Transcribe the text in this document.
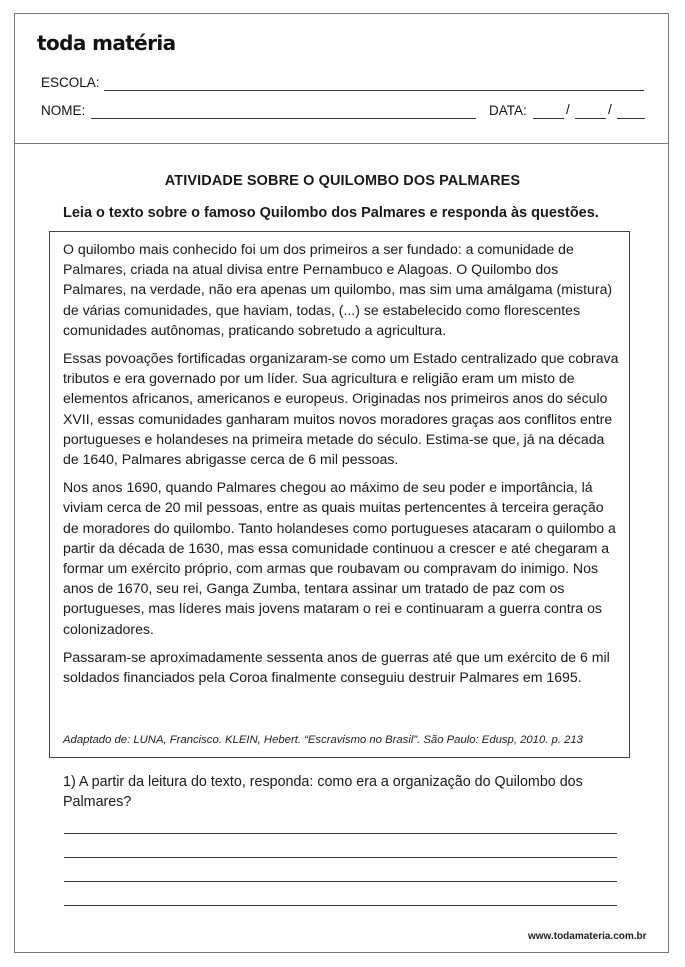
toda matéria
ESCOLA:
NOME:	DATA:	/	/
ATIVIDADE SOBRE O QUILOMBO DOS PALMARES
Leia o texto sobre o famoso Quilombo dos Palmares e responda às questões.

O quilombo mais conhecido foi um dos primeiros a ser fundado: a comunidade de Palmares, criada na atual divisa entre Pernambuco e Alagoas. O Quilombo dos Palmares, na verdade, não era apenas um quilombo, mas sim uma amálgama (mistura) de várias comunidades, que haviam, todas, (...) se estabelecido como florescentes comunidades autônomas, praticando sobretudo a agricultura.

Essas povoações fortificadas organizaram-se como um Estado centralizado que cobrava tributos e era governado por um líder. Sua agricultura e religião eram um misto de elementos africanos, americanos e europeus. Originadas nos primeiros anos do século XVII, essas comunidades ganharam muitos novos moradores graças aos conflitos entre portugueses e holandeses na primeira metade do século. Estima-se que, já na década de 1640, Palmares abrigasse cerca de 6 mil pessoas.

Nos anos 1690, quando Palmares chegou ao máximo de seu poder e importância, lá viviam cerca de 20 mil pessoas, entre as quais muitas pertencentes à terceira geração de moradores do quilombo. Tanto holandeses como portugueses atacaram o quilombo a partir da década de 1630, mas essa comunidade continuou a crescer e até chegaram a formar um exército próprio, com armas que roubavam ou compravam do inimigo. Nos anos de 1670, seu rei, Ganga Zumba, tentara assinar um tratado de paz com os portugueses, mas líderes mais jovens mataram o rei e continuaram a guerra contra os colonizadores.

Passaram-se aproximadamente sessenta anos de guerras até que um exército de 6 mil soldados financiados pela Coroa finalmente conseguiu destruir Palmares em 1695.

Adaptado de: LUNA, Francisco. KLEIN, Hebert. “Escravismo no Brasil”. São Paulo: Edusp, 2010. p. 213
1) A partir da leitura do texto, responda: como era a organização do Quilombo dos Palmares?
www.todamateria.com.br
